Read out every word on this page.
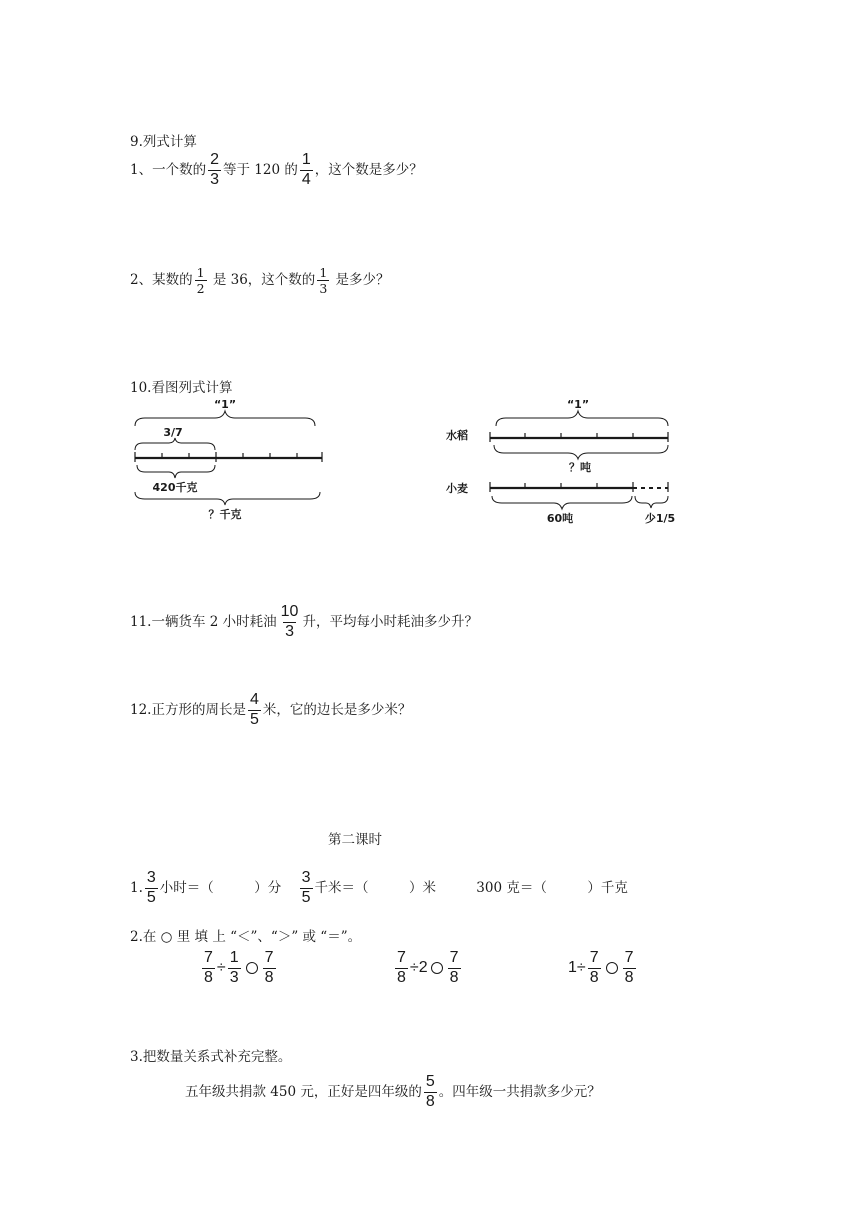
9.列式计算
1、一个数的 $\frac{2}{3}$ 等于 120 的 $\frac{1}{4}$ ，这个数是多少？
2、某数的 $\frac{1}{2}$ 是 36，这个数的 $\frac{1}{3}$ 是多少？
10.看图列式计算
“1”
3/7
420千克
？千克
“1”
水稻
？吨
小麦
60吨	少1/5
11.一辆货车 2 小时耗油 $\frac{10}{3}$ 升，平均每小时耗油多少升？
12.正方形的周长是 $\frac{4}{5}$ 米，它的边长是多少米？
第二课时
1. $\frac{3}{5}$ 小时＝（　　　）分 $\frac{3}{5}$ 千米＝（　　　）米	300 克＝（　　　）千克
2.在 ○ 里 填 上 “＜”、“＞” 或 “＝”。
$\frac{7}{8} \div \frac{1}{3} \frac{7}{8}$	$\frac{7}{8} \div 2 \frac{7}{8}$	$1\div \frac{7}{8} \frac{7}{8}$
3.把数量关系式补充完整。
五年级共捐款 450 元，正好是四年级的 $\frac{5}{8}$ 。四年级一共捐款多少元？
